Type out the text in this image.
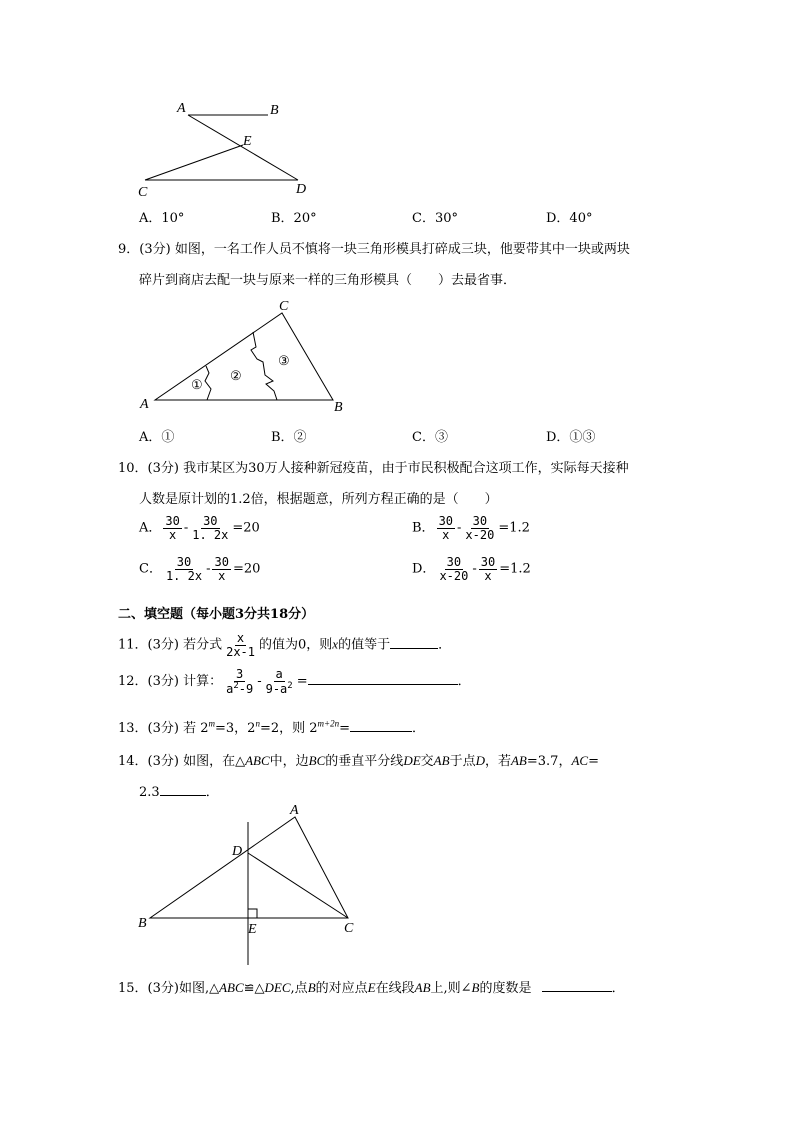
A	B
E
C	D
A．10°	B．20°	C．30°	D．40°
9．(3分) 如图，一名工作人员不慎将一块三角形模具打碎成三块，他要带其中一块或两块
碎片到商店去配一块与原来一样的三角形模具（　　）去最省事．
A	B
C
①
②
③
A．①	B．②	C．③	D．①③
10．(3分) 我市某区为30万人接种新冠疫苗，由于市民积极配合这项工作，实际每天接种
人数是原计划的1.2倍，根据题意，所列方程正确的是（　　）
A． $\frac{30}{x} - \frac{30}{1. 2x} =20$	B． $\frac{30}{x} - \frac{30}{x-20} =1.2$
C． $\frac{30}{1. 2x} - \frac{30}{x} =20$	D． $\frac{30}{x-20} - \frac{30}{x} =1.2$
二、填空题（每小题3分共18分）
11．(3分) 若分式 $\frac{x}{2x-1}$ 的值为0，则x的值等于	．
12．(3分) 计算： $\frac{3}{a^2-9} - \frac{a}{9-a^2}$ =	．
13．(3分) 若 $2^m=3$，$2^n=2$，则 $2^{m+2n}=$	．
14．(3分) 如图，在△ABC中，边BC的垂直平分线DE交AB于点D，若AB=3.7，AC=
2.3	．
A
B	C
D
E
15．(3分)如图,△ABC≌△DEC,点B的对应点E在线段AB上,则∠B的度数是	．
